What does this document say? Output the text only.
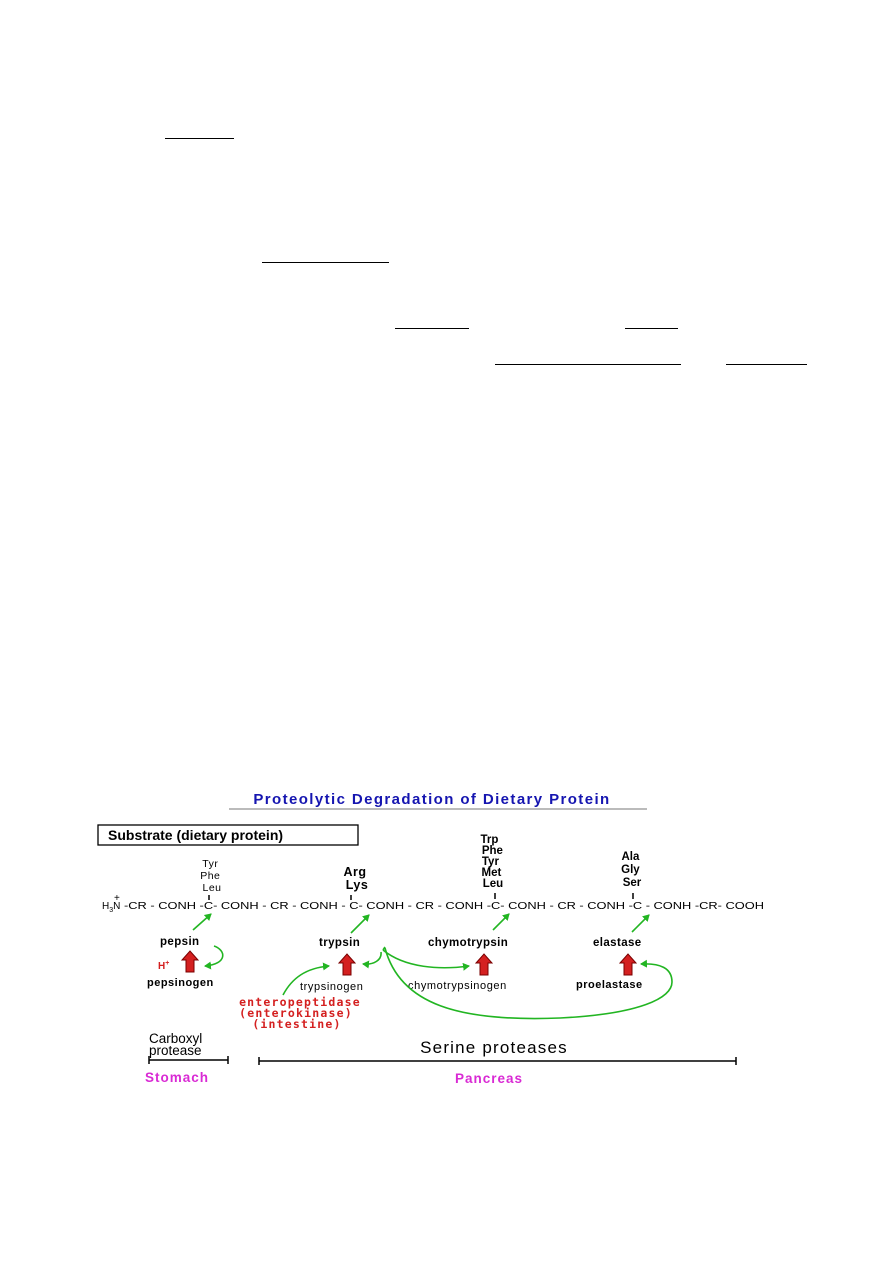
Proteolytic Degradation of Dietary Protein
Substrate (dietary protein)
Tyr Phe Leu
Arg Lys
Trp Phe Tyr Met Leu
Ala Gly Ser
$H_3N$
+
-CR - CONH -C- CONH - CR - CONH - C- CONH - CR - CONH -C- CONH - CR - CONH -C - CONH -CR- COOH
pepsin	trypsin	chymotrypsin	elastase
H+
pepsinogen	trypsinogen	chymotrypsinogen	proelastase
enteropeptidase
(enterokinase)
(intestine)
Carboxyl protease	Serine proteases
Stomach	Pancreas
